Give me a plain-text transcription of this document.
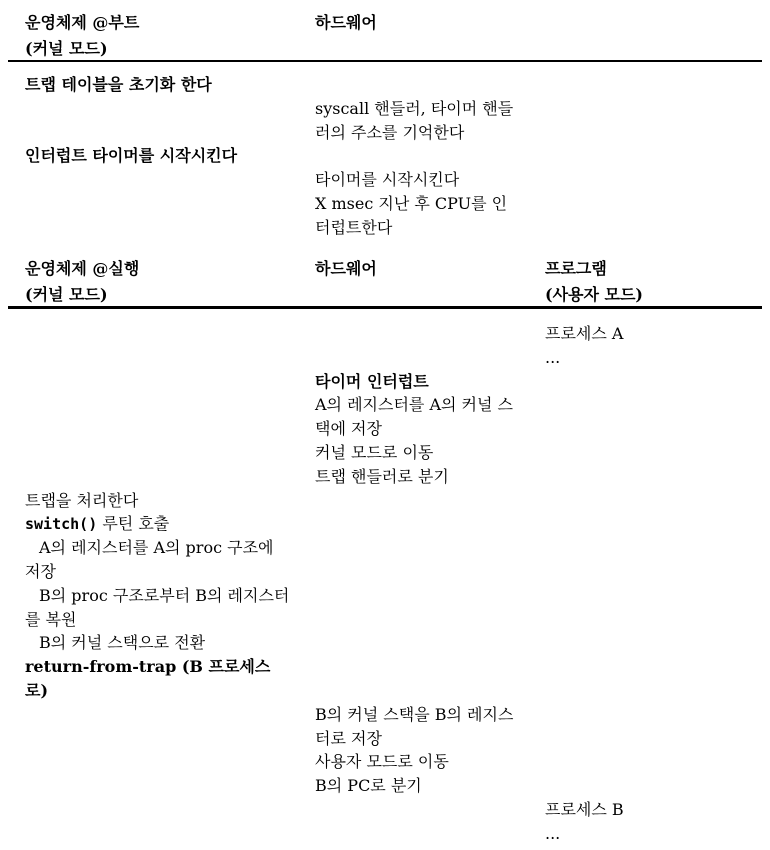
운영체제 @부트
(커널 모드)
하드웨어
트랩 테이블을 초기화 한다
syscall 핸들러, 타이머 핸들
러의 주소를 기억한다
인터럽트 타이머를 시작시킨다
타이머를 시작시킨다
X msec 지난 후 CPU를 인
터럽트한다
운영체제 @실행
(커널 모드)
하드웨어	프로그램
(사용자 모드)
프로세스 A
...
타이머 인터럽트
A의 레지스터를 A의 커널 스
택에 저장
커널 모드로 이동
트랩 핸들러로 분기
트랩을 처리한다
switch() 루틴 호출
A의 레지스터를 A의 proc 구조에
저장
B의 proc 구조로부터 B의 레지스터
를 복원
B의 커널 스택으로 전환
return-from-trap (B 프로세스
로)
B의 커널 스택을 B의 레지스
터로 저장
사용자 모드로 이동
B의 PC로 분기
프로세스 B
...
